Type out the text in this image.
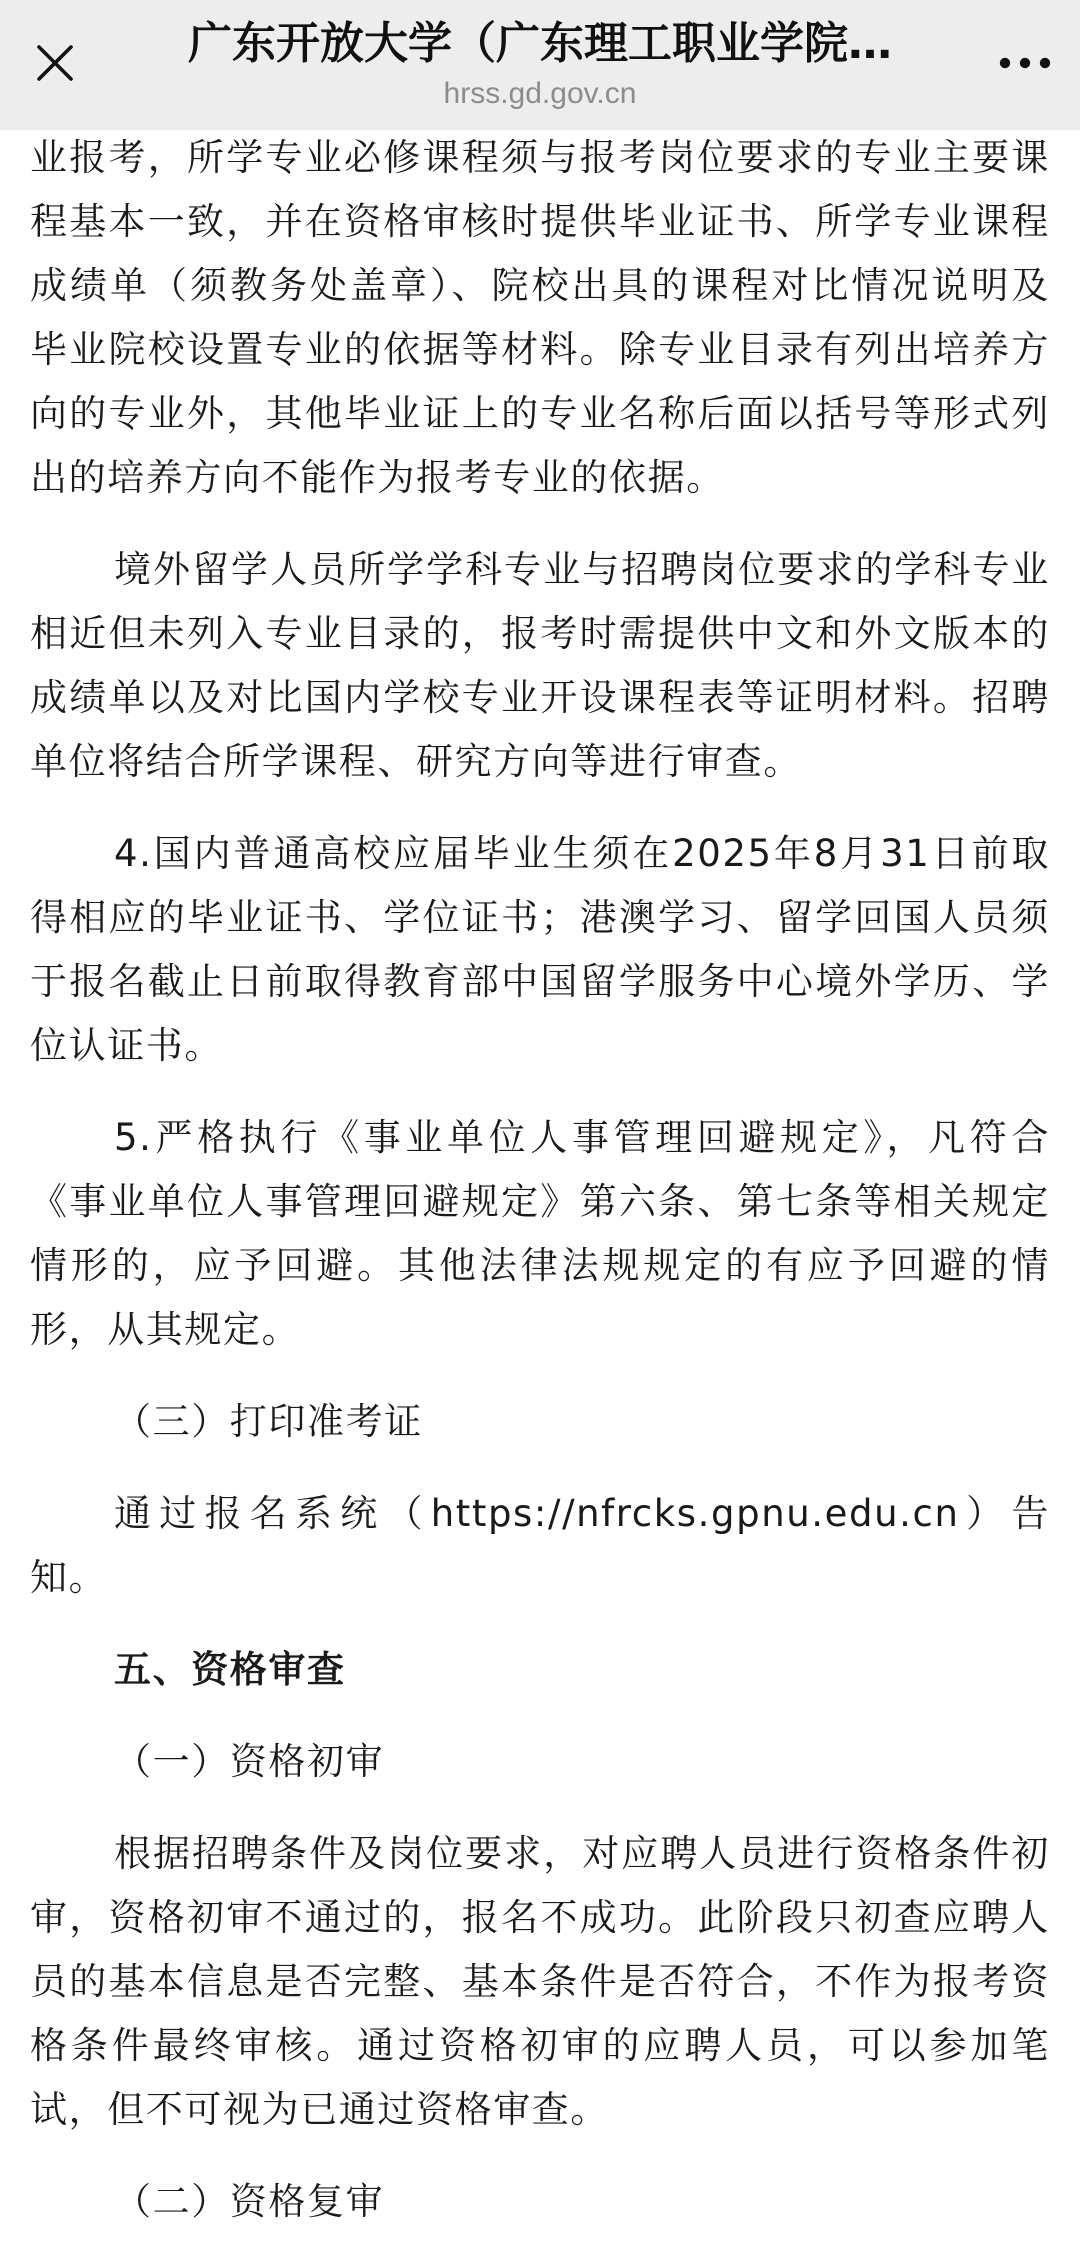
广东开放大学（广东理工职业学院…
hrss.gd.gov.cn

业报考，所学专业必修课程须与报考岗位要求的专业主要课程基本一致，并在资格审核时提供毕业证书、所学专业课程成绩单（须教务处盖章）、院校出具的课程对比情况说明及毕业院校设置专业的依据等材料。除专业目录有列出培养方向的专业外，其他毕业证上的专业名称后面以括号等形式列出的培养方向不能作为报考专业的依据。

境外留学人员所学学科专业与招聘岗位要求的学科专业相近但未列入专业目录的，报考时需提供中文和外文版本的成绩单以及对比国内学校专业开设课程表等证明材料。招聘单位将结合所学课程、研究方向等进行审查。

4.国内普通高校应届毕业生须在2025年8月31日前取得相应的毕业证书、学位证书；港澳学习、留学回国人员须于报名截止日前取得教育部中国留学服务中心境外学历、学位认证书。

5.严格执行《事业单位人事管理回避规定》，凡符合《事业单位人事管理回避规定》第六条、第七条等相关规定情形的，应予回避。其他法律法规规定的有应予回避的情形，从其规定。

（三）打印准考证

通过报名系统（https://nfrcks.gpnu.edu.cn）告知。

五、资格审查

（一）资格初审

根据招聘条件及岗位要求，对应聘人员进行资格条件初审，资格初审不通过的，报名不成功。此阶段只初查应聘人员的基本信息是否完整、基本条件是否符合，不作为报考资格条件最终审核。通过资格初审的应聘人员，可以参加笔试，但不可视为已通过资格审查。

（二）资格复审
